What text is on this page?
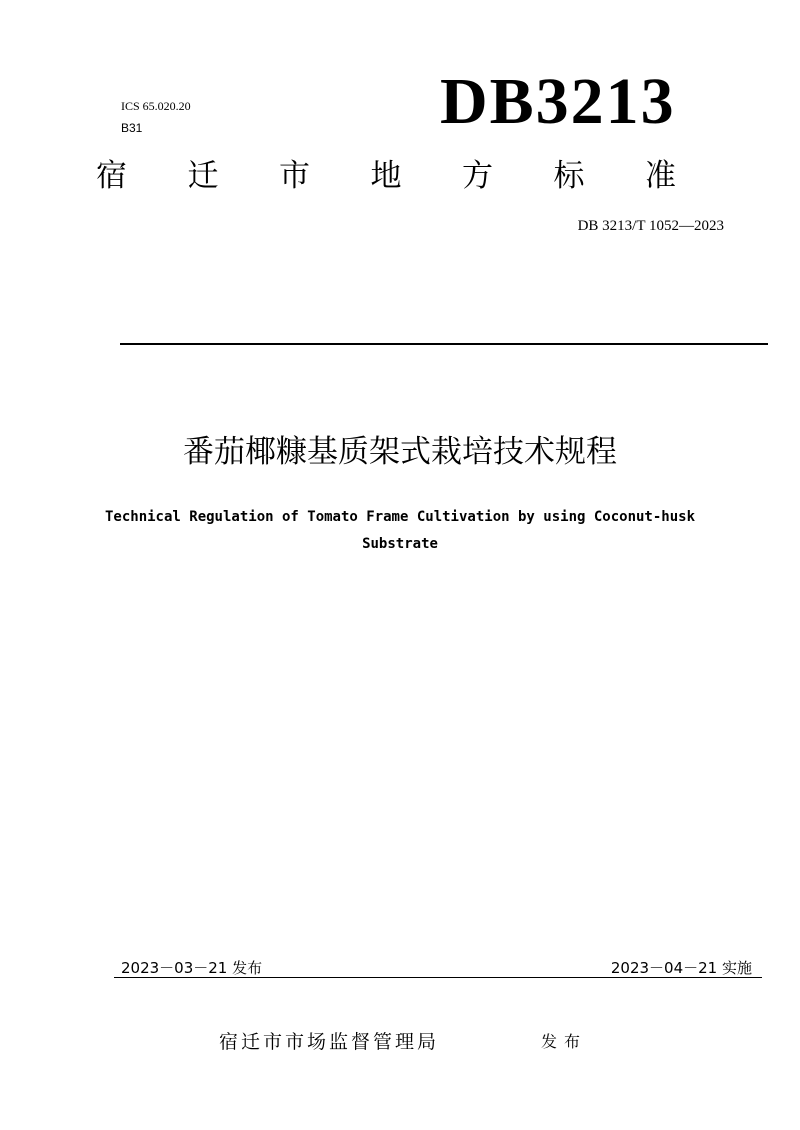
ICS 65.020.20
B31	DB3213
宿 迁 市 地 方 标 准
DB 3213/T 1052—2023
番茄椰糠基质架式栽培技术规程
Technical Regulation of Tomato Frame Cultivation by using Coconut-husk
Substrate
2023－03－21 发布	2023－04－21 实施
宿迁市市场监督管理局	发布
